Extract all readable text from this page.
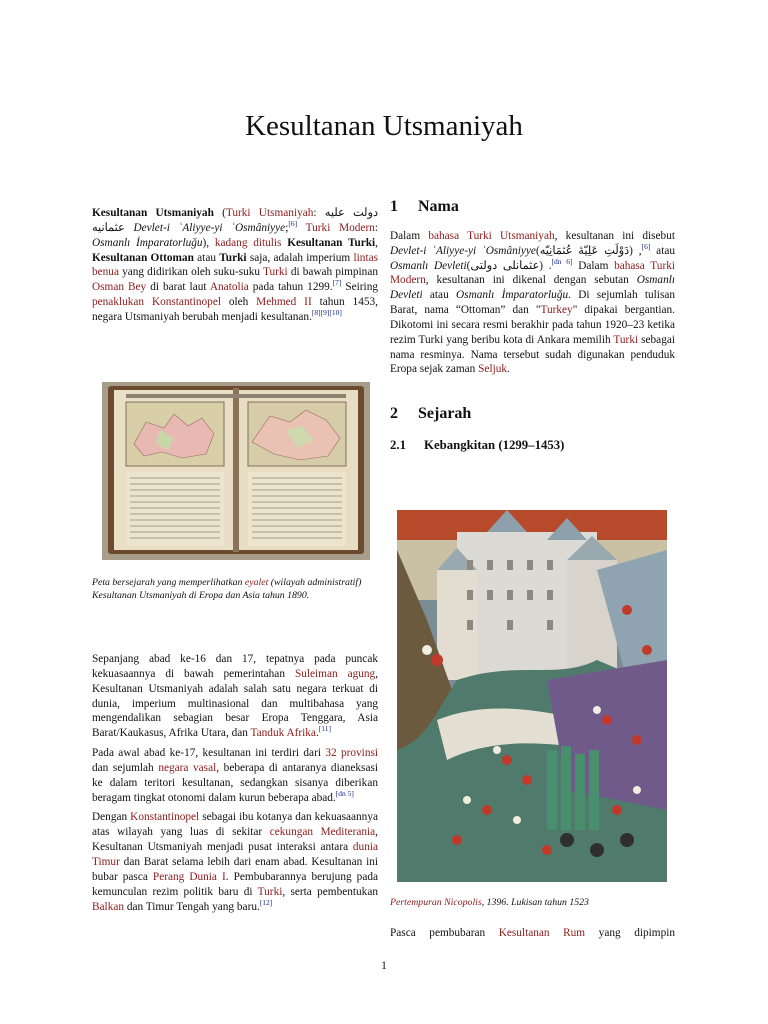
Kesultanan Utsmaniyah

Kesultanan Utsmaniyah (Turki Utsmaniyah: دولت عليه عثمانیه Devlet-i ʿAliyye-yi ʿOsmâniyye;[6] Turki Modern: Osmanlı İmparatorluğu), kadang ditulis Kesultanan Turki, Kesultanan Ottoman atau Turki saja, adalah imperium lintas benua yang didirikan oleh suku-suku Turki di bawah pimpinan Osman Bey di barat laut Anatolia pada tahun 1299.[7] Seiring penaklukan Konstantinopel oleh Mehmed II tahun 1453, negara Utsmaniyah berubah menjadi kesultanan.[8][9][10]

Peta bersejarah yang memperlihatkan eyalet (wilayah administratif) Kesultanan Utsmaniyah di Eropa dan Asia tahun 1890.

Sepanjang abad ke-16 dan 17, tepatnya pada puncak kekuasaannya di bawah pemerintahan Suleiman agung, Kesultanan Utsmaniyah adalah salah satu negara terkuat di dunia, imperium multinasional dan multibahasa yang mengendalikan sebagian besar Eropa Tenggara, Asia Barat/Kaukasus, Afrika Utara, dan Tanduk Afrika.[11]

Pada awal abad ke-17, kesultanan ini terdiri dari 32 provinsi dan sejumlah negara vasal, beberapa di antaranya dianeksasi ke dalam teritori kesultanan, sedangkan sisanya diberikan beragam tingkat otonomi dalam kurun beberapa abad.[dn 5]

Dengan Konstantinopel sebagai ibu kotanya dan kekuasaannya atas wilayah yang luas di sekitar cekungan Mediterania, Kesultanan Utsmaniyah menjadi pusat interaksi antara dunia Timur dan Barat selama lebih dari enam abad. Kesultanan ini bubar pasca Perang Dunia I. Pembubarannya berujung pada kemunculan rezim politik baru di Turki, serta pembentukan Balkan dan Timur Tengah yang baru.[12]

1	Nama

Dalam bahasa Turki Utsmaniyah, kesultanan ini disebut Devlet-i ʿAliyye-yi ʿOsmâniyye (دَوْلَتِ عَلِيّهٔ عُثمَانِیّه),[6] atau Osmanlı Devleti (عثمانلى دولتى).[dn 6] Dalam bahasa Turki Modern, kesultanan ini dikenal dengan sebutan Osmanlı Devleti atau Osmanlı İmparatorluğu. Di sejumlah tulisan Barat, nama “Ottoman” dan "Turkey" dipakai bergantian. Dikotomi ini secara resmi berakhir pada tahun 1920–23 ketika rezim Turki yang beribu kota di Ankara memilih Turki sebagai nama resminya. Nama tersebut sudah digunakan penduduk Eropa sejak zaman Seljuk.

2	Sejarah
2.1	Kebangkitan (1299–1453)
Pertempuran Nicopolis, 1396. Lukisan tahun 1523

Pasca pembubaran Kesultanan Rum yang dipimpin

1
